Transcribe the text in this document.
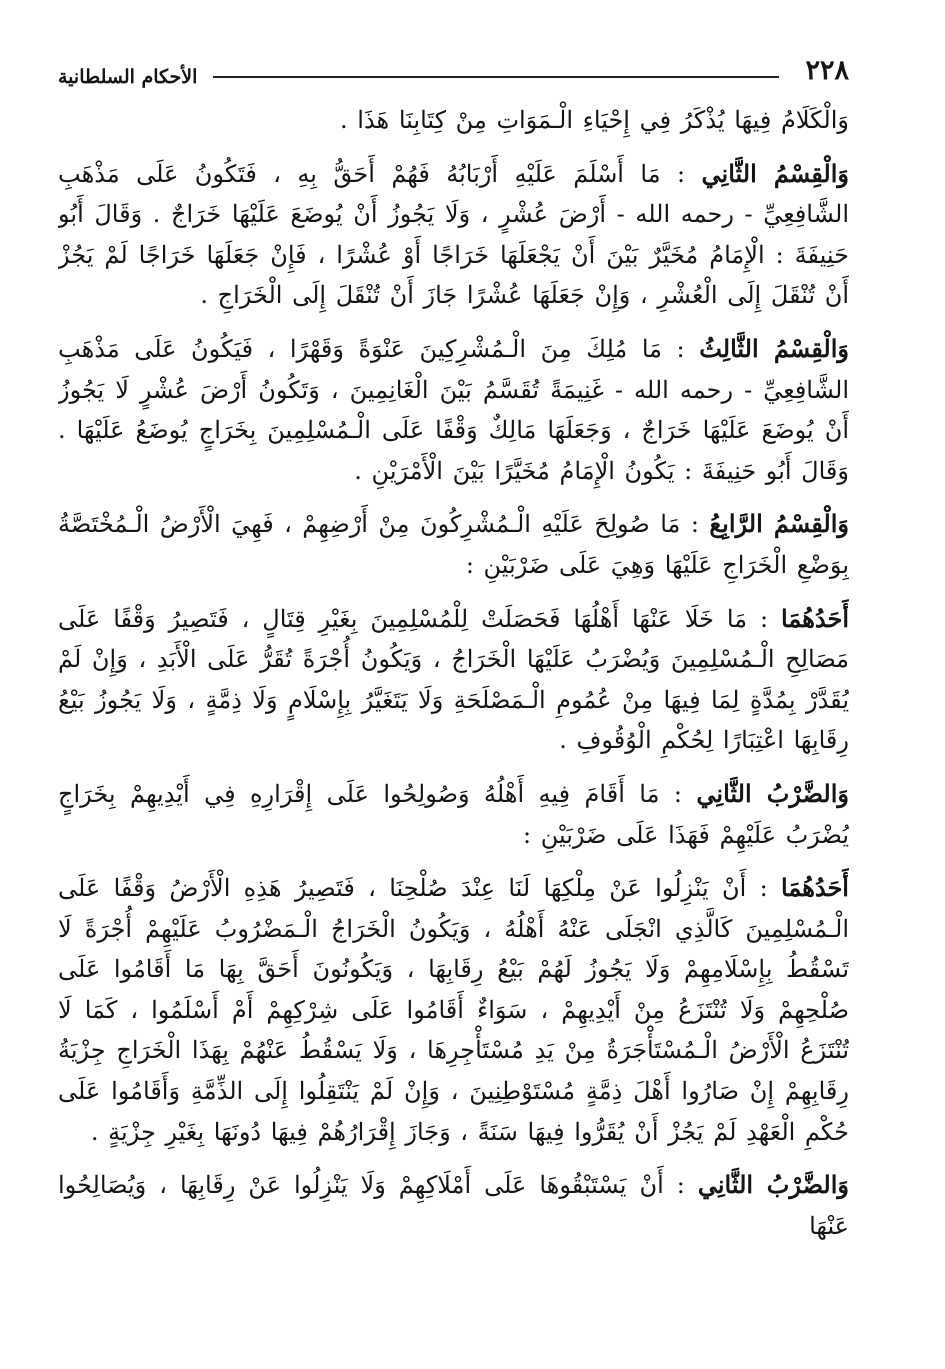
٢٢٨
الأحكام السلطانية

وَالْكَلَامُ فِيهَا يُذْكَرُ فِي إِحْيَاءِ الْـمَوَاتِ مِنْ كِتَابِنَا هَذَا .

وَالْقِسْمُ الثَّانِي : مَا أَسْلَمَ عَلَيْهِ أَرْبَابُهُ فَهُمْ أَحَقُّ بِهِ ، فَتَكُونُ عَلَى مَذْهَبِ الشَّافِعِيِّ - رحمه الله - أَرْضَ عُشْرٍ ، وَلَا يَجُوزُ أَنْ يُوضَعَ عَلَيْهَا خَرَاجٌ . وَقَالَ أَبُو حَنِيفَةَ : الْإِمَامُ مُخَيَّرٌ بَيْنَ أَنْ يَجْعَلَهَا خَرَاجًا أَوْ عُشْرًا ، فَإِنْ جَعَلَهَا خَرَاجًا لَمْ يَجُزْ أَنْ تُنْقَلَ إِلَى الْعُشْرِ ، وَإِنْ جَعَلَهَا عُشْرًا جَازَ أَنْ تُنْقَلَ إِلَى الْخَرَاجِ .

وَالْقِسْمُ الثَّالِثُ : مَا مُلِكَ مِنَ الْـمُشْرِكِينَ عَنْوَةً وَقَهْرًا ، فَيَكُونُ عَلَى مَذْهَبِ الشَّافِعِيِّ - رحمه الله - غَنِيمَةً تُقَسَّمُ بَيْنَ الْغَانِمِينَ ، وَتَكُونُ أَرْضَ عُشْرٍ لَا يَجُوزُ أَنْ يُوضَعَ عَلَيْهَا خَرَاجٌ ، وَجَعَلَهَا مَالِكٌ وَقْفًا عَلَى الْـمُسْلِمِينَ بِخَرَاجٍ يُوضَعُ عَلَيْهَا . وَقَالَ أَبُو حَنِيفَةَ : يَكُونُ الْإِمَامُ مُخَيَّرًا بَيْنَ الْأَمْرَيْنِ .

وَالْقِسْمُ الرَّابِعُ : مَا صُولِحَ عَلَيْهِ الْـمُشْرِكُونَ مِنْ أَرْضِهِمْ ، فَهِيَ الْأَرْضُ الْـمُخْتَصَّةُ بِوَضْعِ الْخَرَاجِ عَلَيْهَا وَهِيَ عَلَى ضَرْبَيْنِ :

أَحَدُهُمَا : مَا خَلَا عَنْهَا أَهْلُهَا فَحَصَلَتْ لِلْمُسْلِمِينَ بِغَيْرِ قِتَالٍ ، فَتَصِيرُ وَقْفًا عَلَى مَصَالِحِ الْـمُسْلِمِينَ وَيُضْرَبُ عَلَيْهَا الْخَرَاجُ ، وَيَكُونُ أُجْرَةً تُقَرُّ عَلَى الْأَبَدِ ، وَإِنْ لَمْ يُقَدَّرْ بِمُدَّةٍ لِمَا فِيهَا مِنْ عُمُومِ الْـمَصْلَحَةِ وَلَا يَتَغَيَّرُ بِإِسْلَامٍ وَلَا ذِمَّةٍ ، وَلَا يَجُوزُ بَيْعُ رِقَابِهَا اعْتِبَارًا لِحُكْمِ الْوُقُوفِ .

وَالضَّرْبُ الثَّانِي : مَا أَقَامَ فِيهِ أَهْلُهُ وَصُولِحُوا عَلَى إِقْرَارِهِ فِي أَيْدِيهِمْ بِخَرَاجٍ يُضْرَبُ عَلَيْهِمْ فَهَذَا عَلَى ضَرْبَيْنِ :

أَحَدُهُمَا : أَنْ يَنْزِلُوا عَنْ مِلْكِهَا لَنَا عِنْدَ صُلْحِنَا ، فَتَصِيرُ هَذِهِ الْأَرْضُ وَقْفًا عَلَى الْـمُسْلِمِينَ كَالَّذِي انْجَلَى عَنْهُ أَهْلُهُ ، وَيَكُونُ الْخَرَاجُ الْـمَضْرُوبُ عَلَيْهِمْ أُجْرَةً لَا تَسْقُطُ بِإِسْلَامِهِمْ وَلَا يَجُوزُ لَهُمْ بَيْعُ رِقَابِهَا ، وَيَكُونُونَ أَحَقَّ بِهَا مَا أَقَامُوا عَلَى صُلْحِهِمْ وَلَا تُنْتَزَعُ مِنْ أَيْدِيهِمْ ، سَوَاءٌ أَقَامُوا عَلَى شِرْكِهِمْ أَمْ أَسْلَمُوا ، كَمَا لَا تُنْتَزَعُ الْأَرْضُ الْـمُسْتَأْجَرَةُ مِنْ يَدِ مُسْتَأْجِرِهَا ، وَلَا يَسْقُطُ عَنْهُمْ بِهَذَا الْخَرَاجِ جِزْيَةُ رِقَابِهِمْ إِنْ صَارُوا أَهْلَ ذِمَّةٍ مُسْتَوْطِنِينَ ، وَإِنْ لَمْ يَنْتَقِلُوا إِلَى الذِّمَّةِ وَأَقَامُوا عَلَى حُكْمِ الْعَهْدِ لَمْ يَجُزْ أَنْ يُقَرُّوا فِيهَا سَنَةً ، وَجَازَ إِقْرَارُهُمْ فِيهَا دُونَهَا بِغَيْرِ جِزْيَةٍ .

وَالضَّرْبُ الثَّانِي : أَنْ يَسْتَبْقُوهَا عَلَى أَمْلَاكِهِمْ وَلَا يَنْزِلُوا عَنْ رِقَابِهَا ، وَيُصَالِحُوا عَنْهَا
